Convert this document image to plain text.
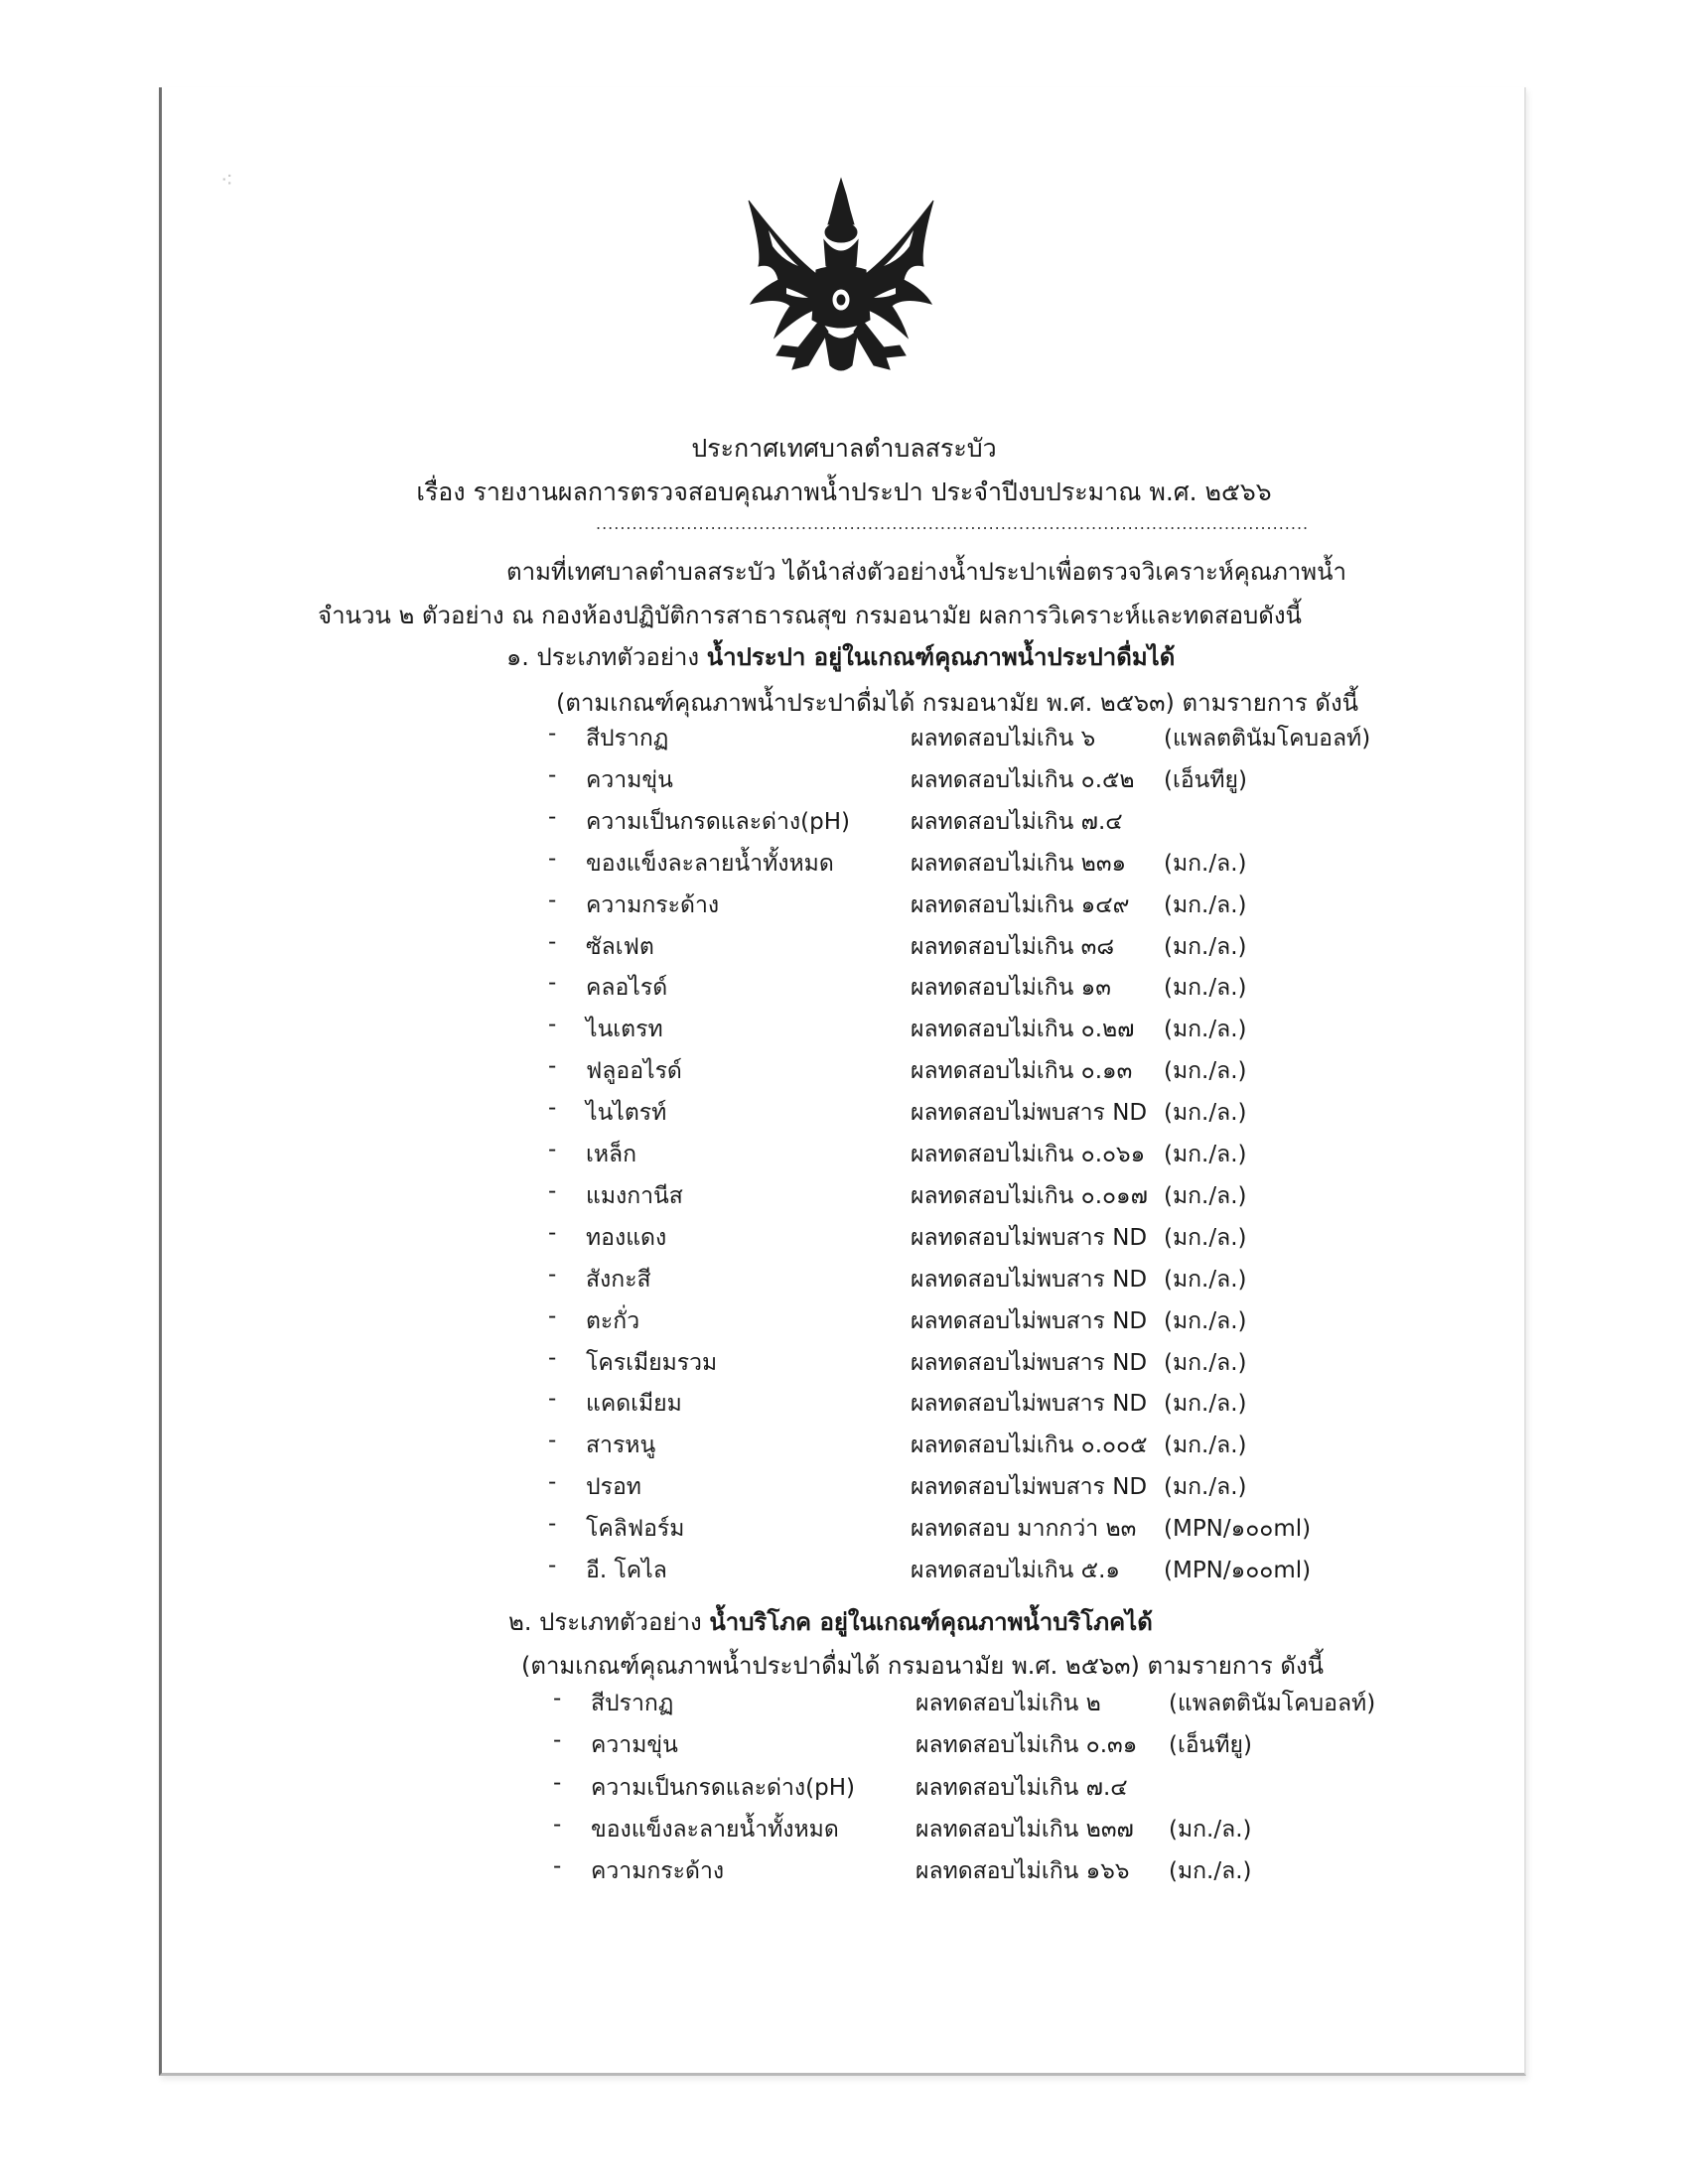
⁖
ประกาศเทศบาลตำบลสระบัว
เรื่อง รายงานผลการตรวจสอบคุณภาพน้ำประปา ประจำปีงบประมาณ พ.ศ. ๒๕๖๖
......................................................................................................................
ตามที่เทศบาลตำบลสระบัว ได้นำส่งตัวอย่างน้ำประปาเพื่อตรวจวิเคราะห์คุณภาพน้ำ
จำนวน ๒ ตัวอย่าง ณ กองห้องปฏิบัติการสาธารณสุข กรมอนามัย ผลการวิเคราะห์และทดสอบดังนี้
๑. ประเภทตัวอย่าง น้ำประปา อยู่ในเกณฑ์คุณภาพน้ำประปาดื่มได้
(ตามเกณฑ์คุณภาพน้ำประปาดื่มได้ กรมอนามัย พ.ศ. ๒๕๖๓) ตามรายการ ดังนี้
- สีปรากฏ	ผลทดสอบไม่เกิน ๖	(แพลตตินัมโคบอลท์)
- ความขุ่น	ผลทดสอบไม่เกิน ๐.๕๒ (เอ็นทียู)
- ความเป็นกรดและด่าง(pH)	ผลทดสอบไม่เกิน ๗.๔
- ของแข็งละลายน้ำทั้งหมด	ผลทดสอบไม่เกิน ๒๓๑ (มก./ล.)
- ความกระด้าง	ผลทดสอบไม่เกิน ๑๔๙ (มก./ล.)
- ซัลเฟต	ผลทดสอบไม่เกิน ๓๘ (มก./ล.)
- คลอไรด์	ผลทดสอบไม่เกิน ๑๓ (มก./ล.)
- ไนเตรท	ผลทดสอบไม่เกิน ๐.๒๗ (มก./ล.)
- ฟลูออไรด์	ผลทดสอบไม่เกิน ๐.๑๓ (มก./ล.)
- ไนไตรท์	ผลทดสอบไม่พบสาร ND (มก./ล.)
- เหล็ก	ผลทดสอบไม่เกิน ๐.๐๖๑ (มก./ล.)
- แมงกานีส	ผลทดสอบไม่เกิน ๐.๐๑๗ (มก./ล.)
- ทองแดง	ผลทดสอบไม่พบสาร ND (มก./ล.)
- สังกะสี	ผลทดสอบไม่พบสาร ND (มก./ล.)
- ตะกั่ว	ผลทดสอบไม่พบสาร ND (มก./ล.)
- โครเมียมรวม	ผลทดสอบไม่พบสาร ND (มก./ล.)
- แคดเมียม	ผลทดสอบไม่พบสาร ND (มก./ล.)
- สารหนู	ผลทดสอบไม่เกิน ๐.๐๐๕ (มก./ล.)
- ปรอท	ผลทดสอบไม่พบสาร ND (มก./ล.)
- โคลิฟอร์ม	ผลทดสอบ มากกว่า ๒๓ (MPN/๑๐๐ml)
- อี. โคไล	ผลทดสอบไม่เกิน ๕.๑ (MPN/๑๐๐ml)
๒. ประเภทตัวอย่าง น้ำบริโภค อยู่ในเกณฑ์คุณภาพน้ำบริโภคได้
(ตามเกณฑ์คุณภาพน้ำประปาดื่มได้ กรมอนามัย พ.ศ. ๒๕๖๓) ตามรายการ ดังนี้
- สีปรากฏ	ผลทดสอบไม่เกิน ๒	(แพลตตินัมโคบอลท์)
- ความขุ่น	ผลทดสอบไม่เกิน ๐.๓๑ (เอ็นทียู)
- ความเป็นกรดและด่าง(pH)	ผลทดสอบไม่เกิน ๗.๔
- ของแข็งละลายน้ำทั้งหมด	ผลทดสอบไม่เกิน ๒๓๗ (มก./ล.)
- ความกระด้าง	ผลทดสอบไม่เกิน ๑๖๖ (มก./ล.)
